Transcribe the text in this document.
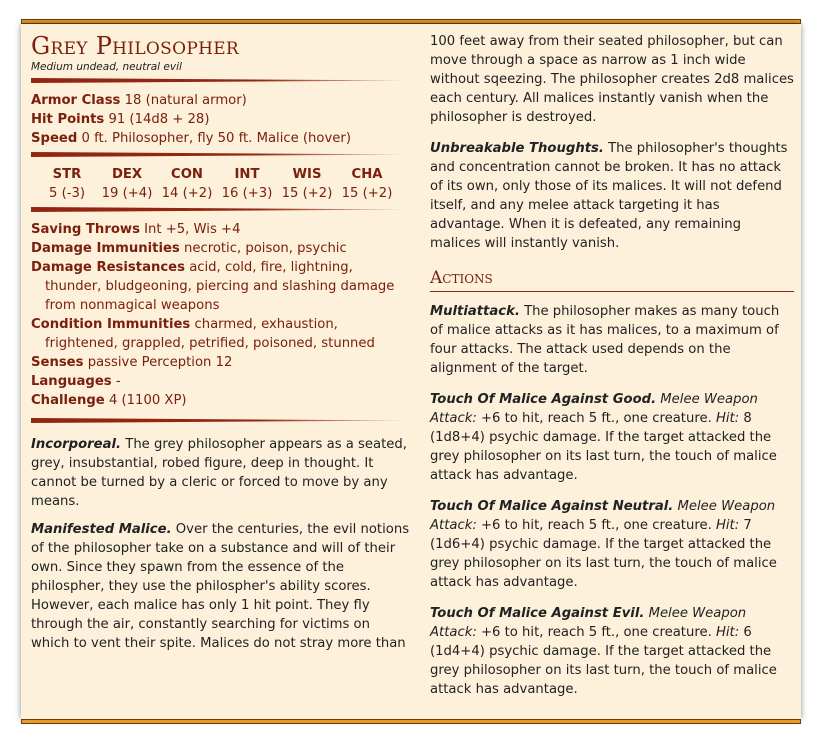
Grey Philosopher

Medium undead, neutral evil

Armor Class 18 (natural armor)
Hit Points 91 (14d8 + 28)
Speed 0 ft. Philosopher, fly 50 ft. Malice (hover)
STR
5 (-3)
DEX
19 (+4)
CON
14 (+2)
INT
16 (+3)
WIS
15 (+2)
CHA
15 (+2)
Saving Throws Int +5, Wis +4
Damage Immunities necrotic, poison, psychic
Damage Resistances acid, cold, fire, lightning, thunder, bludgeoning, piercing and slashing damage from nonmagical weapons
Condition Immunities charmed, exhaustion, frightened, grappled, petrified, poisoned, stunned
Senses passive Perception 12
Languages -
Challenge 4 (1100 XP)

Incorporeal. The grey philosopher appears as a seated, grey, insubstantial, robed figure, deep in thought. It cannot be turned by a cleric or forced to move by any means.

Manifested Malice. Over the centuries, the evil notions of the philosopher take on a substance and will of their own. Since they spawn from the essence of the philospher, they use the philospher's ability scores. However, each malice has only 1 hit point. They fly through the air, constantly searching for victims on which to vent their spite. Malices do not stray more than

100 feet away from their seated philosopher, but can move through a space as narrow as 1 inch wide without sqeezing. The philosopher creates 2d8 malices each century. All malices instantly vanish when the philosopher is destroyed.

Unbreakable Thoughts. The philosopher's thoughts and concentration cannot be broken. It has no attack of its own, only those of its malices. It will not defend itself, and any melee attack targeting it has advantage. When it is defeated, any remaining malices will instantly vanish.

Actions

Multiattack. The philosopher makes as many touch of malice attacks as it has malices, to a maximum of four attacks. The attack used depends on the alignment of the target.

Touch Of Malice Against Good. Melee Weapon Attack: +6 to hit, reach 5 ft., one creature. Hit: 8 (1d8+4) psychic damage. If the target attacked the grey philosopher on its last turn, the touch of malice attack has advantage.

Touch Of Malice Against Neutral. Melee Weapon Attack: +6 to hit, reach 5 ft., one creature. Hit: 7 (1d6+4) psychic damage. If the target attacked the grey philosopher on its last turn, the touch of malice attack has advantage.

Touch Of Malice Against Evil. Melee Weapon Attack: +6 to hit, reach 5 ft., one creature. Hit: 6 (1d4+4) psychic damage. If the target attacked the grey philosopher on its last turn, the touch of malice attack has advantage.
